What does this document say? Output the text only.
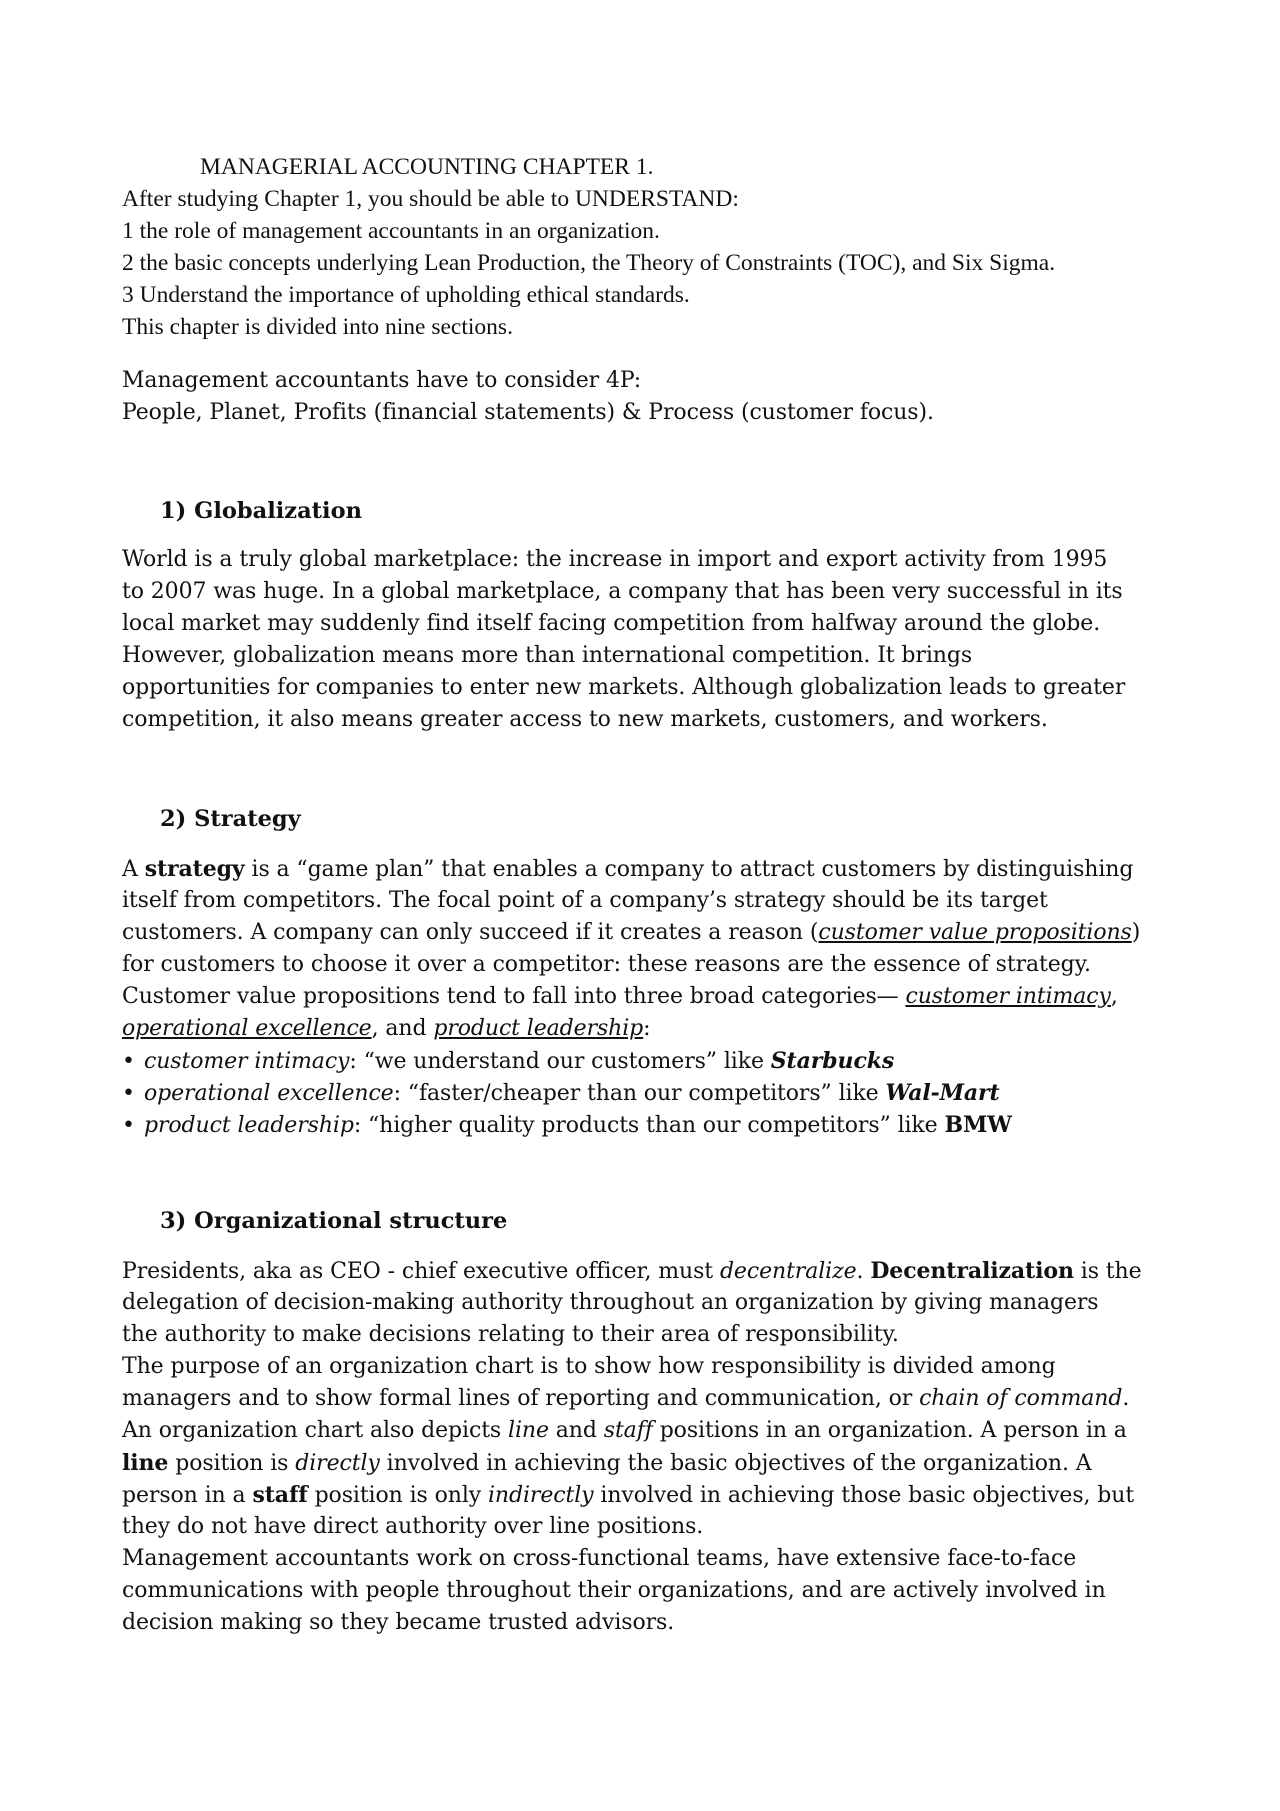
MANAGERIAL ACCOUNTING CHAPTER 1.
After studying Chapter 1, you should be able to UNDERSTAND:
1 the role of management accountants in an organization.
2 the basic concepts underlying Lean Production, the Theory of Constraints (TOC), and Six Sigma.
3 Understand the importance of upholding ethical standards.
This chapter is divided into nine sections.
Management accountants have to consider 4P:
People, Planet, Profits (financial statements) & Process (customer focus).
1) Globalization
World is a truly global marketplace: the increase in import and export activity from 1995
to 2007 was huge. In a global marketplace, a company that has been very successful in its
local market may suddenly find itself facing competition from halfway around the globe.
However, globalization means more than international competition. It brings
opportunities for companies to enter new markets. Although globalization leads to greater
competition, it also means greater access to new markets, customers, and workers.
2) Strategy
A strategy is a “game plan” that enables a company to attract customers by distinguishing
itself from competitors. The focal point of a company’s strategy should be its target
customers. A company can only succeed if it creates a reason (customer value propositions)
for customers to choose it over a competitor: these reasons are the essence of strategy.
Customer value propositions tend to fall into three broad categories— customer intimacy,
operational excellence, and product leadership:
• customer intimacy: “we understand our customers” like Starbucks
• operational excellence: “faster/cheaper than our competitors” like Wal-Mart
• product leadership: “higher quality products than our competitors” like BMW
3) Organizational structure
Presidents, aka as CEO - chief executive officer, must decentralize. Decentralization is the
delegation of decision-making authority throughout an organization by giving managers
the authority to make decisions relating to their area of responsibility.
The purpose of an organization chart is to show how responsibility is divided among
managers and to show formal lines of reporting and communication, or chain of command.
An organization chart also depicts line and staff positions in an organization. A person in a
line position is directly involved in achieving the basic objectives of the organization. A
person in a staff position is only indirectly involved in achieving those basic objectives, but
they do not have direct authority over line positions.
Management accountants work on cross-functional teams, have extensive face-to-face
communications with people throughout their organizations, and are actively involved in
decision making so they became trusted advisors.
